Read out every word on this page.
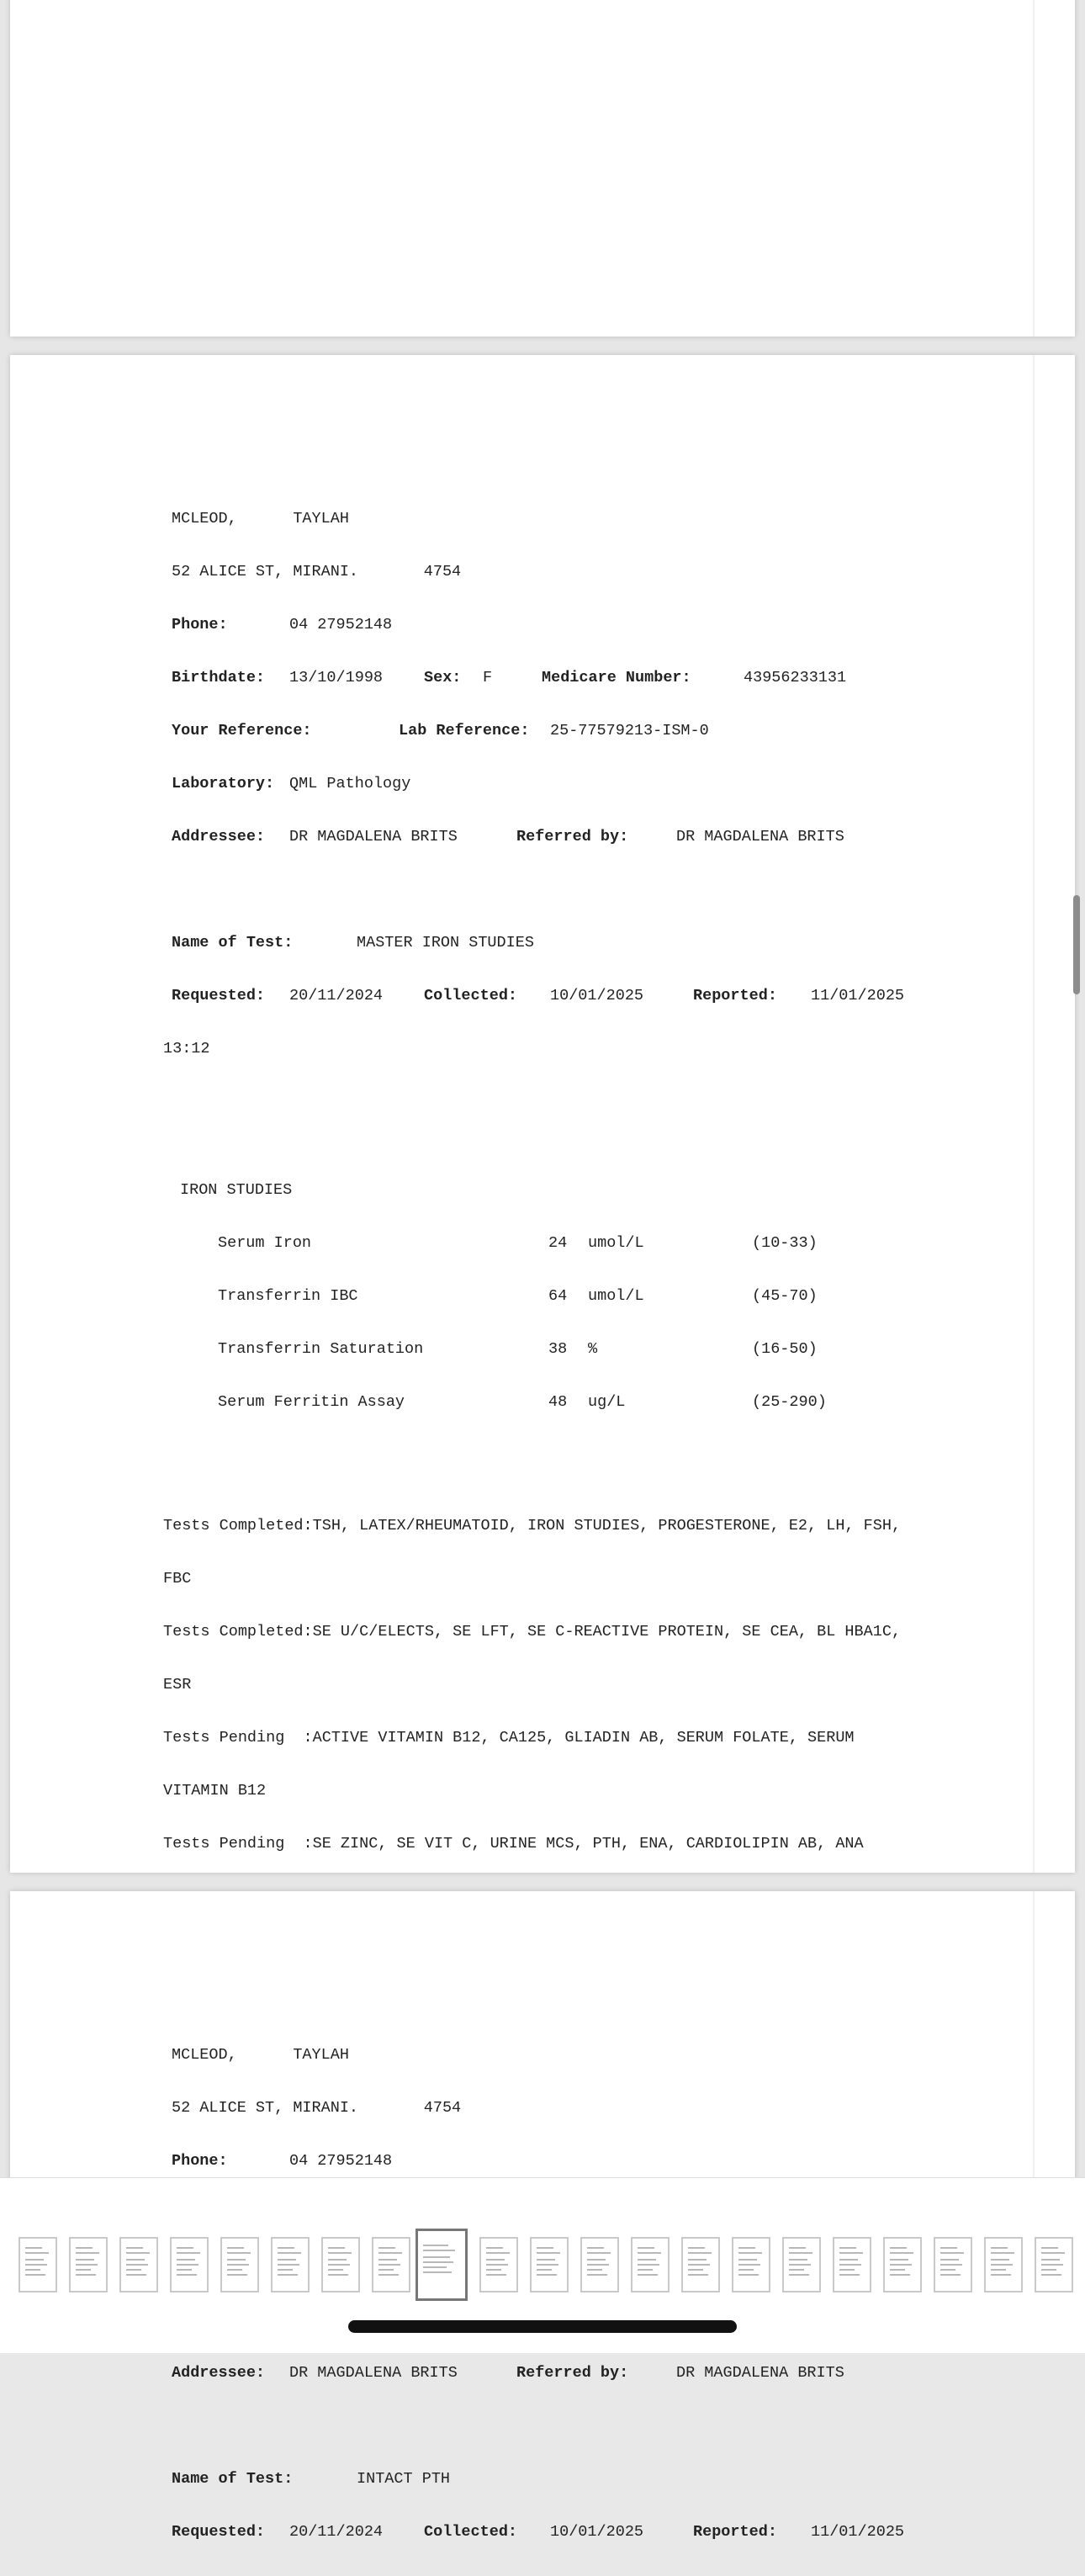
MCLEOD,      TAYLAH

52 ALICE ST, MIRANI.       4754

Phone:	04 27952148

Birthdate: 13/10/1998	Sex: F	Medicare Number:	43956233131

Your Reference:	Lab Reference: 25-77579213-ISM-0

Laboratory: QML Pathology

Addressee: DR MAGDALENA BRITS	Referred by:	DR MAGDALENA BRITS

Name of Test:	MASTER IRON STUDIES

Requested: 20/11/2024	Collected: 10/01/2025	Reported: 11/01/2025

13:12

IRON STUDIES

Serum Iron	24 umol/L	(10-33)

Transferrin IBC	64 umol/L	(45-70)

Transferrin Saturation	38 %	(16-50)

Serum Ferritin Assay	48 ug/L	(25-290)

Tests Completed:TSH, LATEX/RHEUMATOID, IRON STUDIES, PROGESTERONE, E2, LH, FSH,

FBC

Tests Completed:SE U/C/ELECTS, SE LFT, SE C-REACTIVE PROTEIN, SE CEA, BL HBA1C,

ESR

Tests Pending  :ACTIVE VITAMIN B12, CA125, GLIADIN AB, SERUM FOLATE, SERUM

VITAMIN B12

Tests Pending  :SE ZINC, SE VIT C, URINE MCS, PTH, ENA, CARDIOLIPIN AB, ANA

MCLEOD,      TAYLAH

52 ALICE ST, MIRANI.       4754

Phone:	04 27952148

Addressee: DR MAGDALENA BRITS	Referred by:	DR MAGDALENA BRITS

Name of Test:	INTACT PTH

Requested: 20/11/2024	Collected: 10/01/2025	Reported: 11/01/2025
